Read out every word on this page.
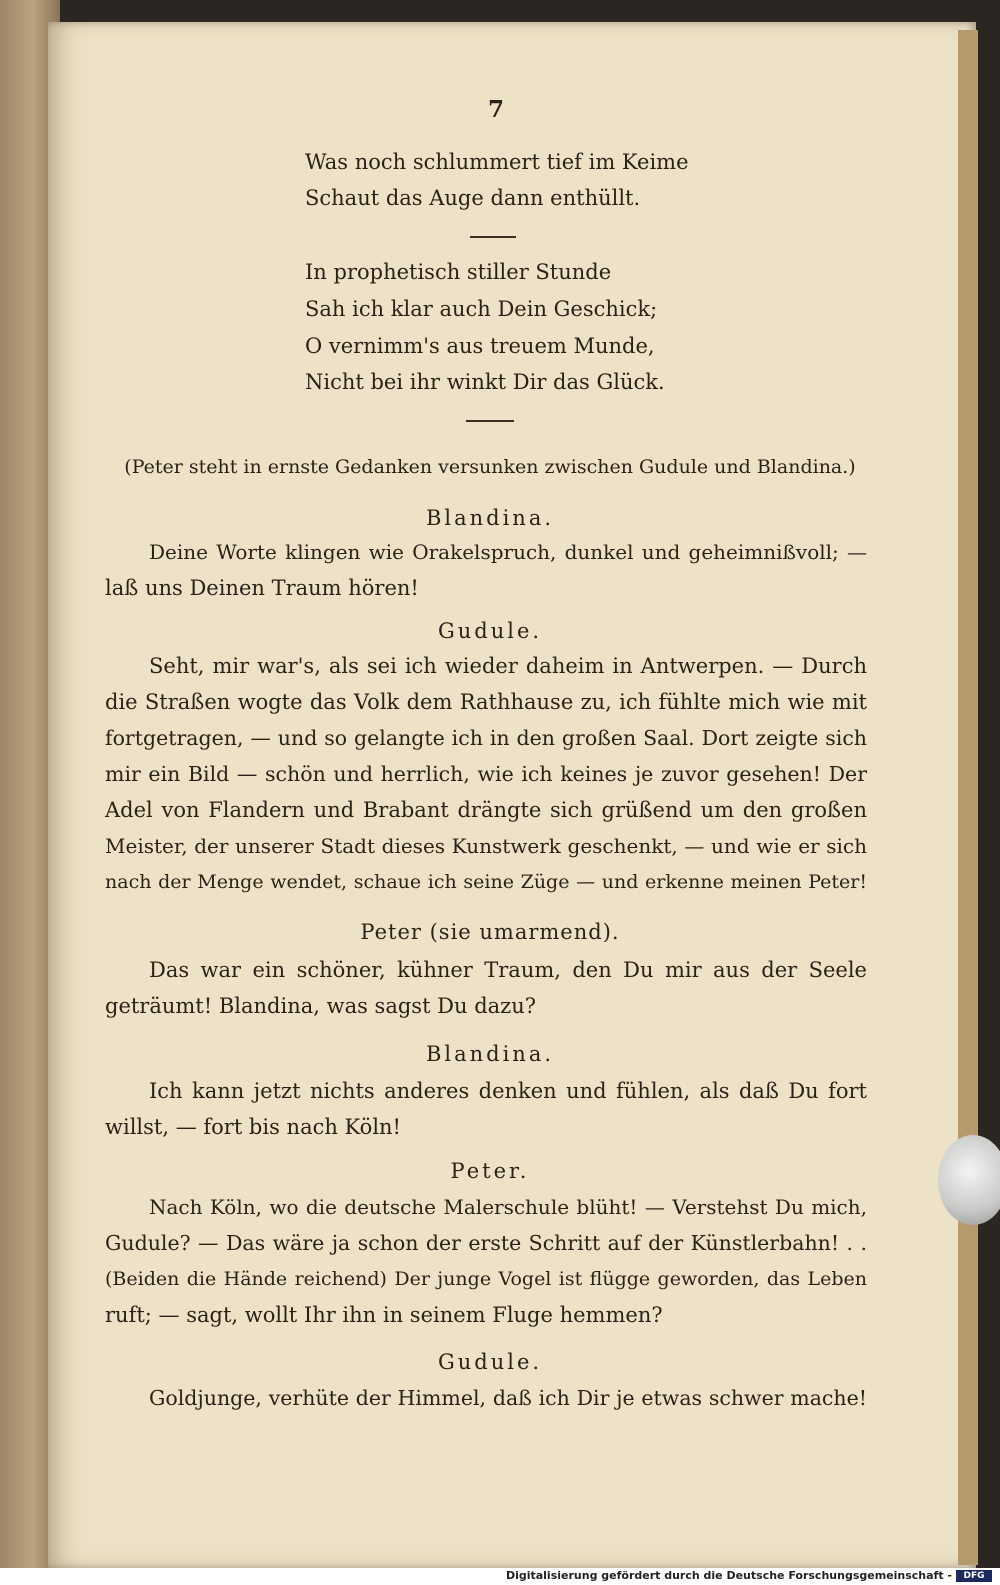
7
Was noch schlummert tief im Keime
Schaut das Auge dann enthüllt.
In prophetisch stiller Stunde
Sah ich klar auch Dein Geschick;
O vernimm's aus treuem Munde,
Nicht bei ihr winkt Dir das Glück.
(Peter steht in ernste Gedanken versunken zwischen Gudule und Blandina.)
Blandina.
Deine Worte klingen wie Orakelspruch, dunkel und geheimnißvoll; —
laß uns Deinen Traum hören!
Gudule.
Seht, mir war's, als sei ich wieder daheim in Antwerpen. — Durch
die Straßen wogte das Volk dem Rathhause zu, ich fühlte mich wie mit
fortgetragen, — und so gelangte ich in den großen Saal. Dort zeigte sich
mir ein Bild — schön und herrlich, wie ich keines je zuvor gesehen! Der
Adel von Flandern und Brabant drängte sich grüßend um den großen
Meister, der unserer Stadt dieses Kunstwerk geschenkt, — und wie er sich
nach der Menge wendet, schaue ich seine Züge — und erkenne meinen Peter!
Peter (sie umarmend).
Das war ein schöner, kühner Traum, den Du mir aus der Seele
geträumt! Blandina, was sagst Du dazu?
Blandina.
Ich kann jetzt nichts anderes denken und fühlen, als daß Du fort
willst, — fort bis nach Köln!
Peter.
Nach Köln, wo die deutsche Malerschule blüht! — Verstehst Du mich,
Gudule? — Das wäre ja schon der erste Schritt auf der Künstlerbahn! . .
(Beiden die Hände reichend) Der junge Vogel ist flügge geworden, das Leben
ruft; — sagt, wollt Ihr ihn in seinem Fluge hemmen?
Gudule.
Goldjunge, verhüte der Himmel, daß ich Dir je etwas schwer mache!
Digitalisierung gefördert durch die Deutsche Forschungsgemeinschaft -	DFG
